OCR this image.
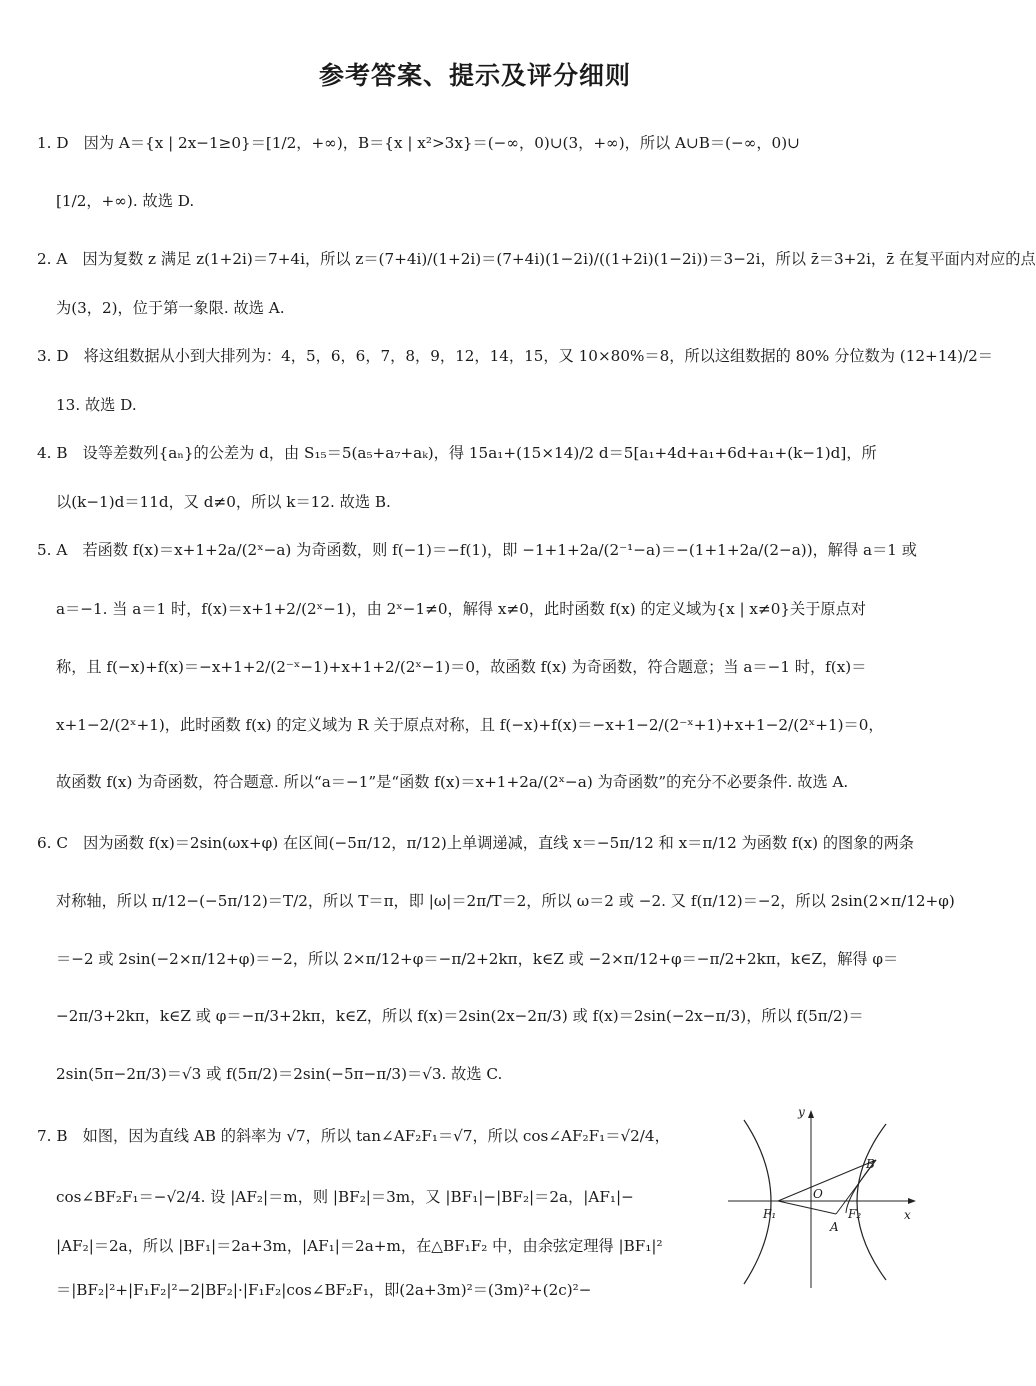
参考答案、提示及评分细则
1. D　因为 A＝{x | 2x−1≥0}＝[1/2，+∞)，B＝{x | x²>3x}＝(−∞，0)∪(3，+∞)，所以 A∪B＝(−∞，0)∪
[1/2，+∞). 故选 D.
2. A　因为复数 z 满足 z(1+2i)＝7+4i，所以 z＝(7+4i)/(1+2i)＝(7+4i)(1−2i)/((1+2i)(1−2i))＝3−2i，所以 z̄＝3+2i，z̄ 在复平面内对应的点
为(3，2)，位于第一象限. 故选 A.
3. D　将这组数据从小到大排列为：4，5，6，6，7，8，9，12，14，15，又 10×80%＝8，所以这组数据的 80% 分位数为 (12+14)/2＝
13. 故选 D.
4. B　设等差数列{aₙ}的公差为 d，由 S₁₅＝5(a₅+a₇+aₖ)，得 15a₁+(15×14)/2 d＝5[a₁+4d+a₁+6d+a₁+(k−1)d]，所
以(k−1)d＝11d，又 d≠0，所以 k＝12. 故选 B.
5. A　若函数 f(x)＝x+1+2a/(2ˣ−a) 为奇函数，则 f(−1)＝−f(1)，即 −1+1+2a/(2⁻¹−a)＝−(1+1+2a/(2−a))，解得 a＝1 或
a＝−1. 当 a＝1 时，f(x)＝x+1+2/(2ˣ−1)，由 2ˣ−1≠0，解得 x≠0，此时函数 f(x) 的定义域为{x | x≠0}关于原点对
称，且 f(−x)+f(x)＝−x+1+2/(2⁻ˣ−1)+x+1+2/(2ˣ−1)＝0，故函数 f(x) 为奇函数，符合题意；当 a＝−1 时，f(x)＝
x+1−2/(2ˣ+1)，此时函数 f(x) 的定义域为 R 关于原点对称，且 f(−x)+f(x)＝−x+1−2/(2⁻ˣ+1)+x+1−2/(2ˣ+1)＝0，
故函数 f(x) 为奇函数，符合题意. 所以“a＝−1”是“函数 f(x)＝x+1+2a/(2ˣ−a) 为奇函数”的充分不必要条件. 故选 A.
6. C　因为函数 f(x)＝2sin(ωx+φ) 在区间(−5π/12，π/12)上单调递减，直线 x＝−5π/12 和 x＝π/12 为函数 f(x) 的图象的两条
对称轴，所以 π/12−(−5π/12)＝T/2，所以 T＝π，即 |ω|＝2π/T＝2，所以 ω＝2 或 −2. 又 f(π/12)＝−2，所以 2sin(2×π/12+φ)
＝−2 或 2sin(−2×π/12+φ)＝−2，所以 2×π/12+φ＝−π/2+2kπ，k∈Z 或 −2×π/12+φ＝−π/2+2kπ，k∈Z，解得 φ＝
−2π/3+2kπ，k∈Z 或 φ＝−π/3+2kπ，k∈Z，所以 f(x)＝2sin(2x−2π/3) 或 f(x)＝2sin(−2x−π/3)，所以 f(5π/2)＝
2sin(5π−2π/3)＝√3 或 f(5π/2)＝2sin(−5π−π/3)＝√3. 故选 C.
7. B　如图，因为直线 AB 的斜率为 √7，所以 tan∠AF₂F₁＝√7，所以 cos∠AF₂F₁＝√2/4，
cos∠BF₂F₁＝−√2/4. 设 |AF₂|＝m，则 |BF₂|＝3m，又 |BF₁|−|BF₂|＝2a，|AF₁|−
|AF₂|＝2a，所以 |BF₁|＝2a+3m，|AF₁|＝2a+m，在△BF₁F₂ 中，由余弦定理得 |BF₁|²
＝|BF₂|²+|F₁F₂|²−2|BF₂|·|F₁F₂|cos∠BF₂F₁，即(2a+3m)²＝(3m)²+(2c)²−
y
x
O
B
A
F₁	F₂
